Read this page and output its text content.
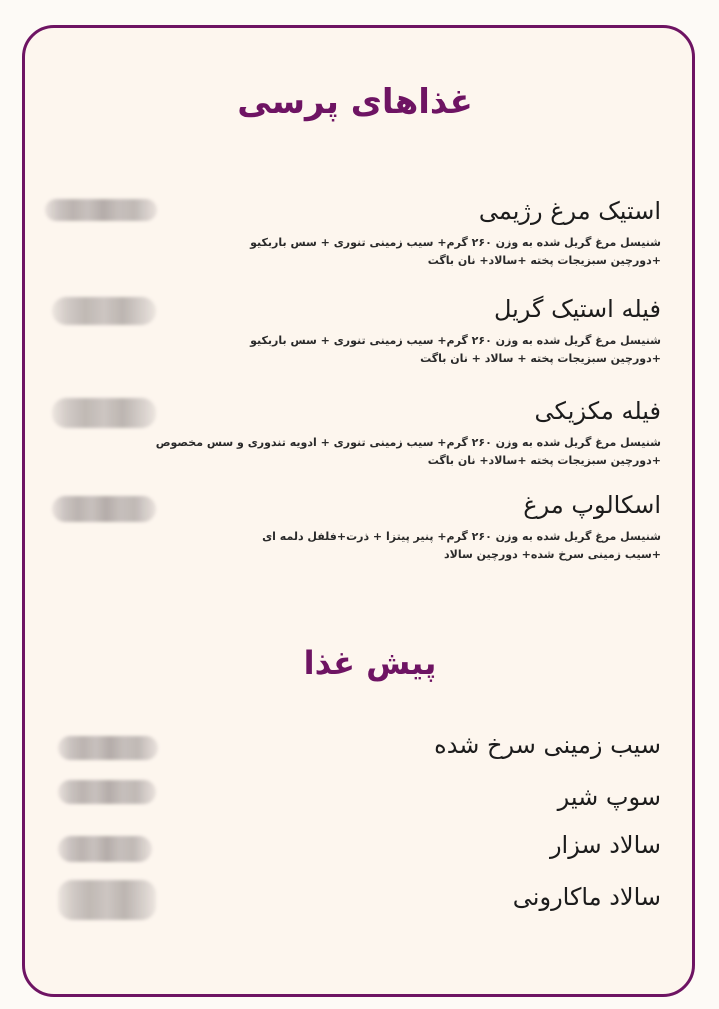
غذاهای پرسی
استیک مرغ رژیمی
شنیسل مرغ گریل شده به وزن ۲۶۰ گرم+ سیب زمینی تنوری + سس باربکیو
+دورچین سبزیجات پخته +سالاد+ نان باگت
فیله استیک گریل
شنیسل مرغ گریل شده به وزن ۲۶۰ گرم+ سیب زمینی تنوری + سس باربکیو
+دورچین سبزیجات پخته + سالاد + نان باگت
فیله مکزیکی
شنیسل مرغ گریل شده به وزن ۲۶۰ گرم+ سیب زمینی تنوری + ادویه تندوری و سس مخصوص
+دورچین سبزیجات پخته +سالاد+ نان باگت
اسکالوپ مرغ
شنیسل مرغ گریل شده به وزن ۲۶۰ گرم+ پنیر پیتزا + ذرت+فلفل دلمه ای
+سیب زمینی سرخ شده+ دورچین سالاد
پیش غذا
سیب زمینی سرخ شده
سوپ شیر
سالاد سزار
سالاد ماکارونی
